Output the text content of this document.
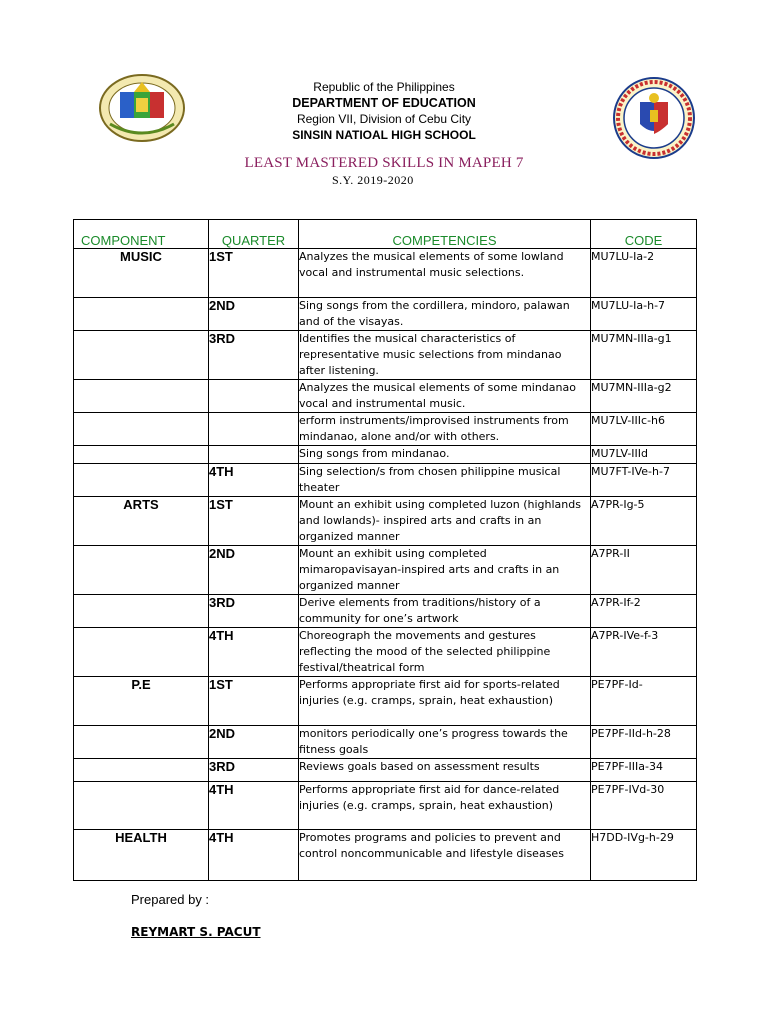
Republic of the Philippines
DEPARTMENT OF EDUCATION
Region VII, Division of Cebu City
SINSIN NATIOAL HIGH SCHOOL
LEAST MASTERED SKILLS IN MAPEH 7
S.Y. 2019-2020
COMPONENT	QUARTER	COMPETENCIES	CODE
MUSIC	1ST	Analyzes the musical elements of some lowland vocal and instrumental music selections.	MU7LU-Ia-2
	2ND	Sing songs from the cordillera, mindoro, palawan and of the visayas.	MU7LU-Ia-h-7
	3RD	Identifies the musical characteristics of representative music selections from mindanao after listening.	MU7MN-IIIa-g1
		Analyzes the musical elements of some mindanao vocal and instrumental music.	MU7MN-IIIa-g2
		erform instruments/improvised instruments from mindanao, alone and/or with others.	MU7LV-IIIc-h6
		Sing songs from mindanao.	MU7LV-IIId
	4TH	Sing selection/s from chosen philippine musical theater	MU7FT-IVe-h-7
ARTS	1ST	Mount an exhibit using completed luzon (highlands and lowlands)- inspired arts and crafts in an organized manner	A7PR-Ig-5
	2ND	Mount an exhibit using completed mimaropavisayan-inspired arts and crafts in an organized manner	A7PR-II
	3RD	Derive elements from traditions/history of a community for one’s artwork	A7PR-If-2
	4TH	Choreograph the movements and gestures reflecting the mood of the selected philippine festival/theatrical form	A7PR-IVe-f-3
P.E	1ST	Performs appropriate first aid for sports-related injuries (e.g. cramps, sprain, heat exhaustion)	PE7PF-Id-
	2ND	monitors periodically one’s progress towards the fitness goals	PE7PF-IId-h-28
	3RD	Reviews goals based on assessment results	PE7PF-IIIa-34
	4TH	Performs appropriate first aid for dance-related injuries (e.g. cramps, sprain, heat exhaustion)	PE7PF-IVd-30
HEALTH	4TH	Promotes programs and policies to prevent and control noncommunicable and lifestyle diseases	H7DD-IVg-h-29
Prepared by :
REYMART S. PACUT
